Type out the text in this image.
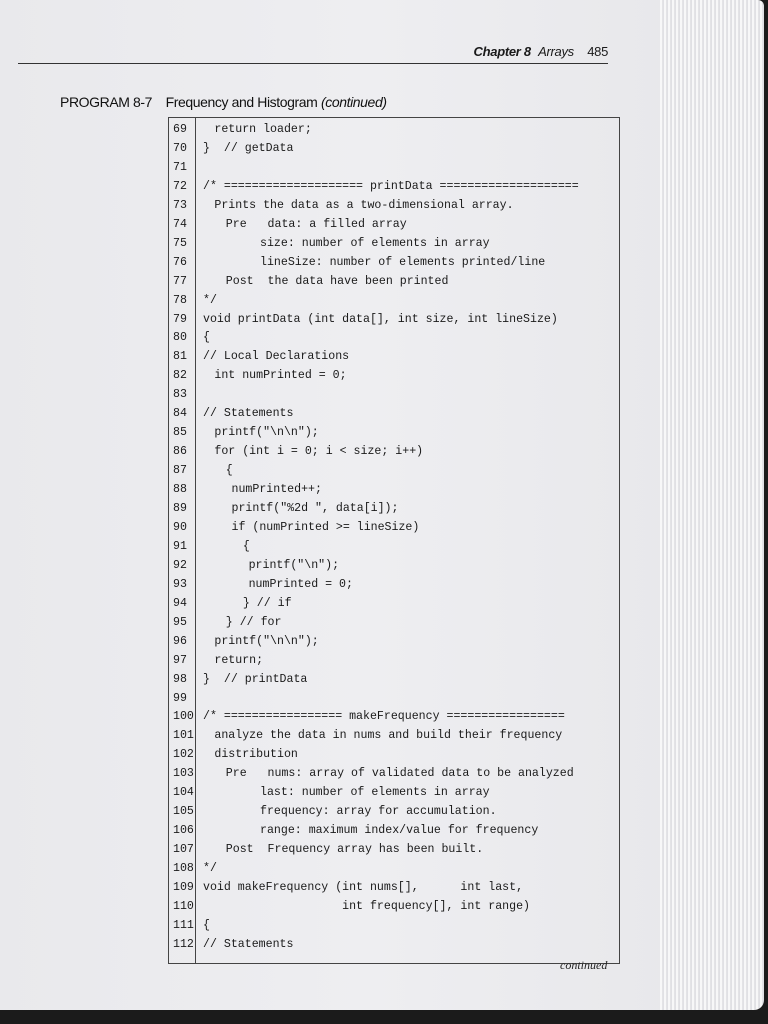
Chapter 8 Arrays 485
PROGRAM 8-7 Frequency and Histogram (continued)
69	return loader;
70	}  // getData
71
72	/* ==================== printData ====================
73	Prints the data as a two-dimensional array.
74	Pre   data: a filled array
75	size: number of elements in array
76	lineSize: number of elements printed/line
77	Post  the data have been printed
78	*/
79	void printData (int data[], int size, int lineSize)
80	{
81	// Local Declarations
82	int numPrinted = 0;
83
84	// Statements
85	printf("\n\n");
86	for (int i = 0; i < size; i++)
87	{
88	numPrinted++;
89	printf("%2d ", data[i]);
90	if (numPrinted >= lineSize)
91	{
92	printf("\n");
93	numPrinted = 0;
94	} // if
95	} // for
96	printf("\n\n");
97	return;
98	}  // printData
99
100 /* ================= makeFrequency =================
101 analyze the data in nums and build their frequency
102 distribution
103	Pre   nums: array of validated data to be analyzed
104	last: number of elements in array
105	frequency: array for accumulation.
106	range: maximum index/value for frequency
107	Post  Frequency array has been built.
108 */
109 void makeFrequency (int nums[],      int last,
110 int frequency[], int range)
111 {
112 // Statements
continued
